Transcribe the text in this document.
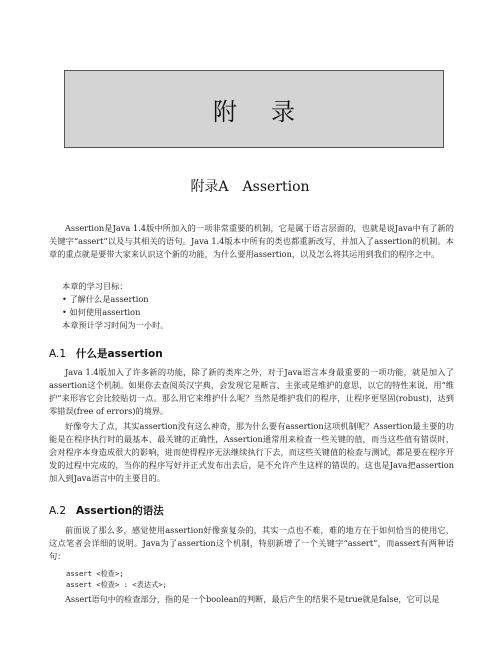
附录
附录A　Assertion
Assertion是Java 1.4版中所加入的一项非常重要的机制，它是属于语言层面的，也就是说Java中有了新的关键字“assert”以及与其相关的语句。Java 1.4版本中所有的类也都重新改写，并加入了assertion的机制。本章的重点就是要带大家来认识这个新的功能，为什么要用assertion，以及怎么将其运用到我们的程序之中。
本章的学习目标：
• 了解什么是assertion
• 如何使用assertion
本章预计学习时间为一小时。
A.1 什么是assertion
Java 1.4版加入了许多新的功能，除了新的类库之外，对于Java语言本身最重要的一项功能，就是加入了assertion这个机制。如果你去查阅英汉字典，会发现它是断言、主张或是维护的意思，以它的特性来说，用“维护”来形容它会比较贴切一点。那么用它来维护什么呢？当然是维护我们的程序，让程序更坚固(robust)，达到零错误(free of errors)的境界。
好像夸大了点，其实assertion没有这么神奇，那为什么要有assertion这项机制呢？Assertion最主要的功能是在程序执行时的最基本、最关键的正确性，Assertion通常用来检查一些关键的值，而当这些值有错误时，会对程序本身造成很大的影响，进而使得程序无法继续执行下去，而这些关键值的检查与测试，都是要在程序开发的过程中完成的，当你的程序写好并正式发布出去后，是不允许产生这样的错误的。这也是Java把assertion加入到Java语言中的主要目的。
A.2 Assertion的语法
前面说了那么多，感觉使用assertion好像蛮复杂的，其实一点也不难，难的地方在于如何恰当的使用它，这点笔者会详细的说明。Java为了assertion这个机制，特别新增了一个关键字“assert”，而assert有两种语句：
assert <检查>;
assert <检查> : <表达式>;
Assert语句中的检查部分，指的是一个boolean的判断，最后产生的结果不是true就是false，它可以是
